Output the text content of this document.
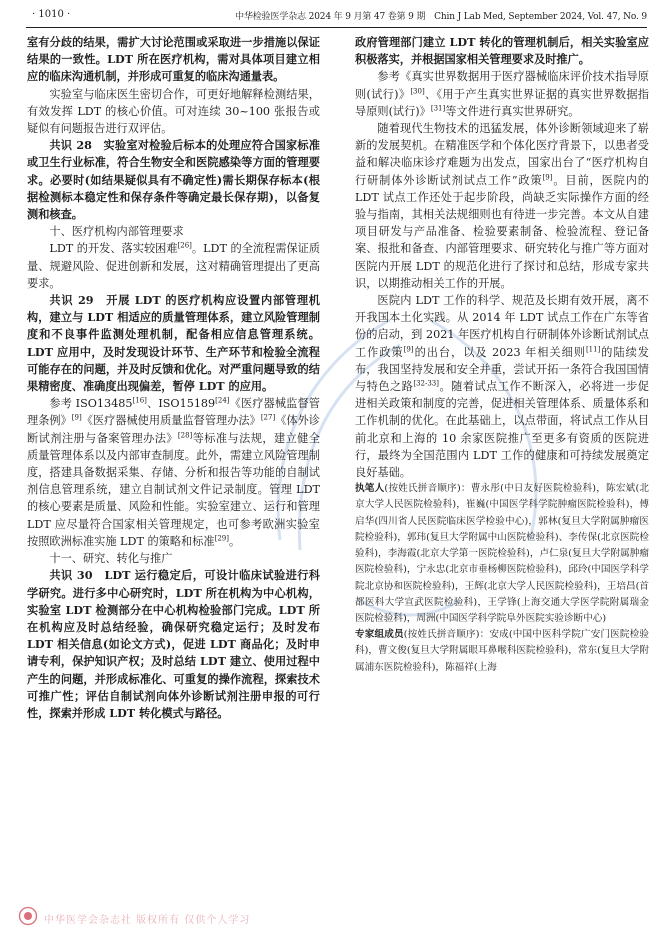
· 1010 ·	中华检验医学杂志 2024 年 9 月第 47 卷第 9 期　Chin J Lab Med, September 2024, Vol. 47, No. 9

室有分歧的结果，需扩大讨论范围或采取进一步措施以保证结果的一致性。LDT 所在医疗机构，需对具体项目建立相应的临床沟通机制，并形成可重复的临床沟通量表。

实验室与临床医生密切合作，可更好地解释检测结果，有效发挥 LDT 的核心价值。可对连续 30~100 张报告或疑似有问题报告进行双评估。

共识 28　实验室对检验后标本的处理应符合国家标准或卫生行业标准，符合生物安全和医院感染等方面的管理要求。必要时(如结果疑似具有不确定性)需长期保存标本(根据检测标本稳定性和保存条件等确定最长保存期)，以备复测和核查。

十、医疗机构内部管理要求

LDT 的开发、落实较困难[26]。LDT 的全流程需保证质量、规避风险、促进创新和发展，这对精确管理提出了更高要求。

共识 29　开展 LDT 的医疗机构应设置内部管理机构，建立与 LDT 相适应的质量管理体系，建立风险管理制度和不良事件监测处理机制，配备相应信息管理系统。LDT 应用中，及时发现设计环节、生产环节和检验全流程可能存在的问题，并及时反馈和优化。对严重问题导致的结果精密度、准确度出现偏差，暂停 LDT 的应用。

参考 ISO13485[16]、ISO15189[24]《医疗器械监督管理条例》[9]《医疗器械使用质量监督管理办法》[27]《体外诊断试剂注册与备案管理办法》[28]等标准与法规，建立健全质量管理体系以及内部审查制度。此外，需建立风险管理制度，搭建具备数据采集、存储、分析和报告等功能的自制试剂信息管理系统，建立自制试剂文件记录制度。管理 LDT 的核心要素是质量、风险和性能。实验室建立、运行和管理 LDT 应尽量符合国家相关管理规定，也可参考欧洲实验室按照欧洲标准实施 LDT 的策略和标准[29]。

十一、研究、转化与推广

共识 30　LDT 运行稳定后，可设计临床试验进行科学研究。进行多中心研究时，LDT 所在机构为中心机构，实验室 LDT 检测部分在中心机构检验部门完成。LDT 所在机构应及时总结经验，确保研究稳定运行；及时发布 LDT 相关信息(如论文方式)，促进 LDT 商品化；及时申请专利，保护知识产权；及时总结 LDT 建立、使用过程中产生的问题，并形成标准化、可重复的操作流程，探索技术可推广性；评估自制试剂向体外诊断试剂注册申报的可行性，探索并形成 LDT 转化模式与路径。

政府管理部门建立 LDT 转化的管理机制后，相关实验室应积极落实，并根据国家相关管理要求及时推广。

参考《真实世界数据用于医疗器械临床评价技术指导原则(试行)》[30]、《用于产生真实世界证据的真实世界数据指导原则(试行)》[31]等文件进行真实世界研究。

随着现代生物技术的迅猛发展，体外诊断领域迎来了崭新的发展契机。在精准医学和个体化医疗背景下，以患者受益和解决临床诊疗难题为出发点，国家出台了“医疗机构自行研制体外诊断试剂试点工作”政策[9]。目前，医院内的 LDT 试点工作还处于起步阶段，尚缺乏实际操作方面的经验与指南，其相关法规细则也有待进一步完善。本文从自建项目研发与产品准备、检验要素制备、检验流程、登记备案、报批和备查、内部管理要求、研究转化与推广等方面对医院内开展 LDT 的规范化进行了探讨和总结，形成专家共识，以期推动相关工作的开展。

医院内 LDT 工作的科学、规范及长期有效开展，离不开我国本土化实践。从 2014 年 LDT 试点工作在广东等省份的启动，到 2021 年医疗机构自行研制体外诊断试剂试点工作政策[9]的出台，以及 2023 年相关细则[11]的陆续发布，我国坚持发展和安全并重，尝试开拓一条符合我国国情与特色之路[32-33]。随着试点工作不断深入，必将进一步促进相关政策和制度的完善，促进相关管理体系、质量体系和工作机制的优化。在此基础上，以点带面，将试点工作从目前北京和上海的 10 余家医院推广至更多有资质的医院进行，最终为全国范围内 LDT 工作的健康和可持续发展奠定良好基础。

执笔人(按姓氏拼音顺序)：曹永彤(中日友好医院检验科)，陈宏斌(北京大学人民医院检验科)，崔巍(中国医学科学院肿瘤医院检验科)，傅启华(四川省人民医院临床医学检验中心)，郭林(复旦大学附属肿瘤医院检验科)，郭玮(复旦大学附属中山医院检验科)、李传保(北京医院检验科)，李海霞(北京大学第一医院检验科)，卢仁泉(复旦大学附属肿瘤医院检验科)，宁永忠(北京市垂杨柳医院检验科)，邱玲(中国医学科学院北京协和医院检验科)，王辉(北京大学人民医院检验科)，王培昌(首都医科大学宣武医院检验科)，王学锋(上海交通大学医学院附属瑞金医院检验科)，周洲(中国医学科学院阜外医院实验诊断中心)

专家组成员(按姓氏拼音顺序)：安成(中国中医科学院广安门医院检验科)，曹文俊(复旦大学附属眼耳鼻喉科医院检验科)，常东(复旦大学附属浦东医院检验科)，陈福祥(上海

中华医学会杂志社 版权所有 仅供个人学习
